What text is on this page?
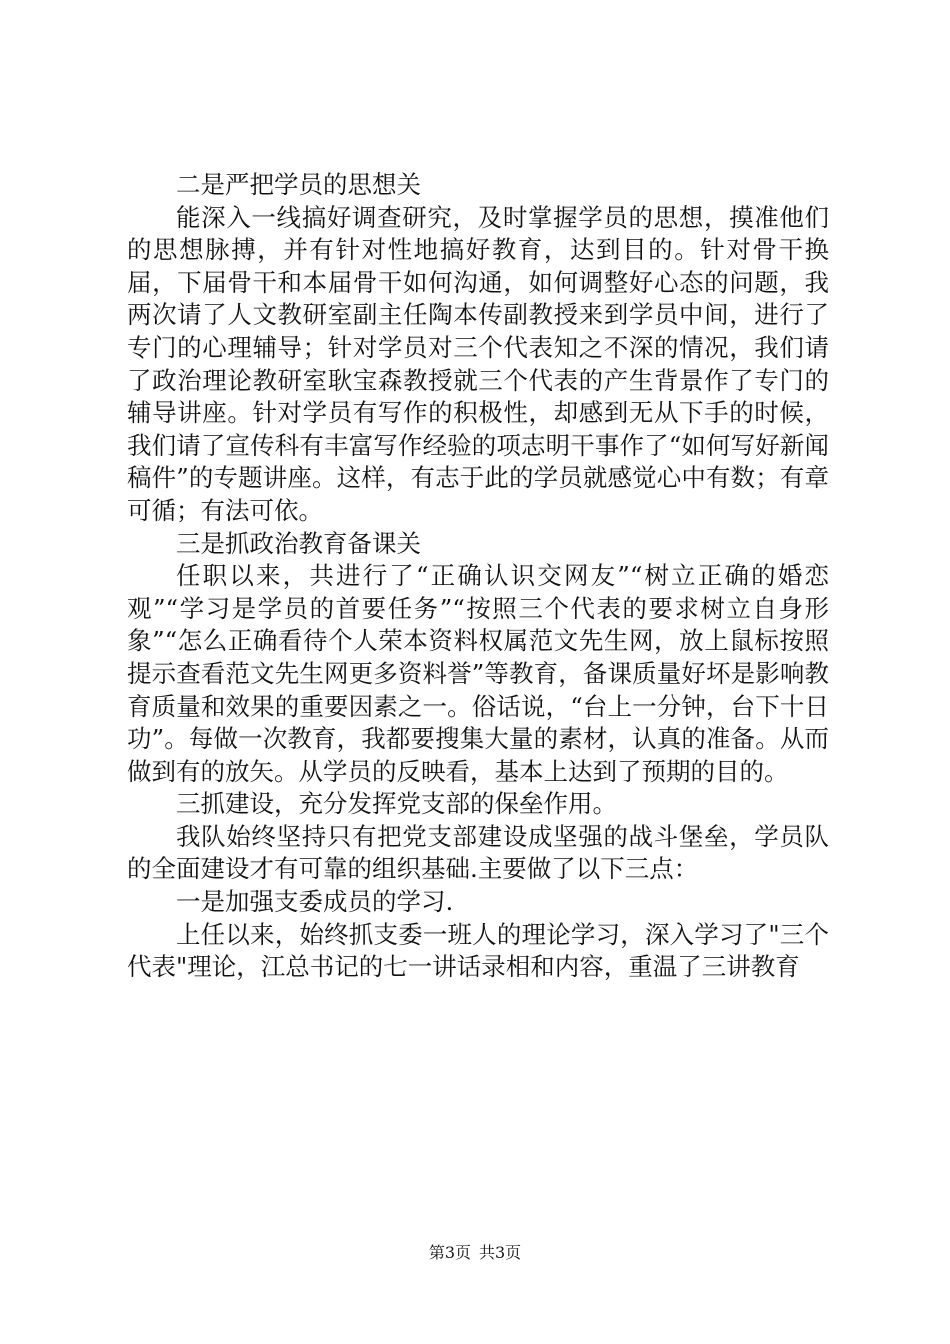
二是严把学员的思想关

能深入一线搞好调查研究，及时掌握学员的思想，摸准他们的思想脉搏，并有针对性地搞好教育，达到目的。针对骨干换届，下届骨干和本届骨干如何沟通，如何调整好心态的问题，我两次请了人文教研室副主任陶本传副教授来到学员中间，进行了专门的心理辅导；针对学员对三个代表知之不深的情况，我们请了政治理论教研室耿宝森教授就三个代表的产生背景作了专门的辅导讲座。针对学员有写作的积极性，却感到无从下手的时候，我们请了宣传科有丰富写作经验的项志明干事作了“如何写好新闻稿件”的专题讲座。这样，有志于此的学员就感觉心中有数；有章可循；有法可依。

三是抓政治教育备课关

任职以来，共进行了“正确认识交网友”“树立正确的婚恋观”“学习是学员的首要任务”“按照三个代表的要求树立自身形象”“怎么正确看待个人荣本资料权属范文先生网，放上鼠标按照提示查看范文先生网更多资料誉”等教育，备课质量好坏是影响教育质量和效果的重要因素之一。俗话说，“台上一分钟，台下十日功”。每做一次教育，我都要搜集大量的素材，认真的准备。从而做到有的放矢。从学员的反映看，基本上达到了预期的目的。

三抓建设，充分发挥党支部的保垒作用。

我队始终坚持只有把党支部建设成坚强的战斗堡垒，学员队的全面建设才有可靠的组织基础.主要做了以下三点：

一是加强支委成员的学习.

上任以来，始终抓支委一班人的理论学习，深入学习了"三个代表"理论，江总书记的七一讲话录相和内容，重温了三讲教育

第3页 共3页
